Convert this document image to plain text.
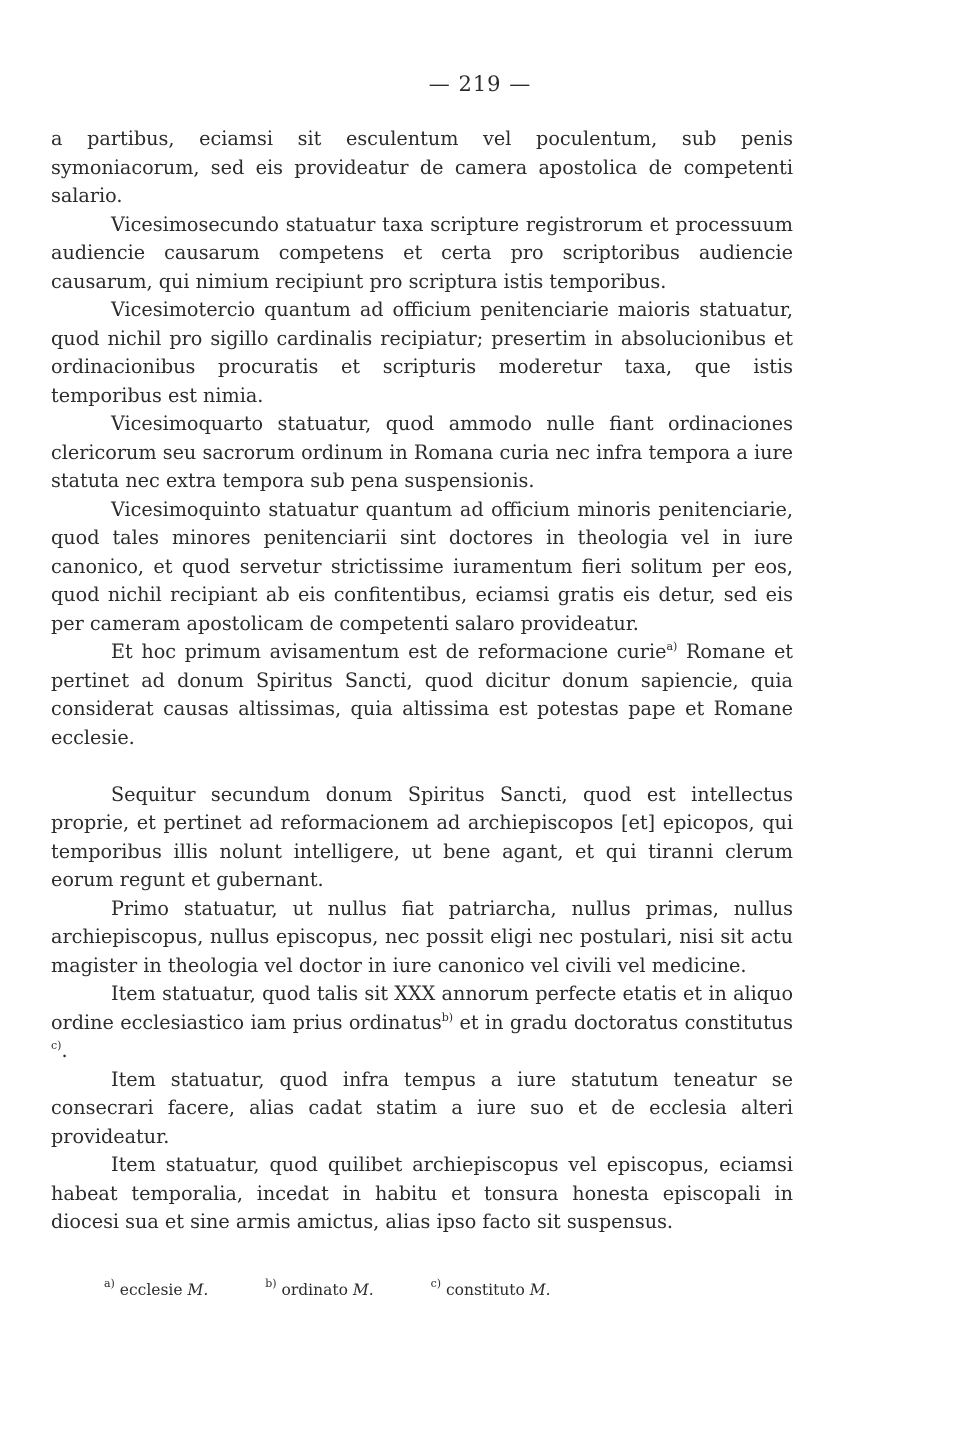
— 219 —

a partibus, eciamsi sit esculentum vel poculentum, sub penis symoniacorum, sed eis provideatur de camera apostolica de competenti salario.

Vicesimosecundo statuatur taxa scripture registrorum et processuum audiencie causarum competens et certa pro scriptoribus audiencie causarum, qui nimium recipiunt pro scriptura istis temporibus.

Vicesimotercio quantum ad officium penitenciarie maioris statuatur, quod nichil pro sigillo cardinalis recipiatur; presertim in absolucionibus et ordinacionibus procuratis et scripturis moderetur taxa, que istis temporibus est nimia.

Vicesimoquarto statuatur, quod ammodo nulle fiant ordinaciones clericorum seu sacrorum ordinum in Romana curia nec infra tempora a iure statuta nec extra tempora sub pena suspensionis.

Vicesimoquinto statuatur quantum ad officium minoris penitenciarie, quod tales minores penitenciarii sint doctores in theologia vel in iure canonico, et quod servetur strictissime iuramentum fieri solitum per eos, quod nichil recipiant ab eis confitentibus, eciamsi gratis eis detur, sed eis per cameram apostolicam de competenti salaro provideatur.

Et hoc primum avisamentum est de reformacione curie$^{a)}$ Romane et pertinet ad donum Spiritus Sancti, quod dicitur donum sapiencie, quia considerat causas altissimas, quia altissima est potestas pape et Romane ecclesie.

Sequitur secundum donum Spiritus Sancti, quod est intellectus proprie, et pertinet ad reformacionem ad archiepiscopos [et] epicopos, qui temporibus illis nolunt intelligere, ut bene agant, et qui tiranni clerum eorum regunt et gubernant.

Primo statuatur, ut nullus fiat patriarcha, nullus primas, nullus archiepiscopus, nullus episcopus, nec possit eligi nec postulari, nisi sit actu magister in theologia vel doctor in iure canonico vel civili vel medicine.

Item statuatur, quod talis sit XXX annorum perfecte etatis et in aliquo ordine ecclesiastico iam prius ordinatus$^{b)}$ et in gradu doctoratus constitutus $^{c)}$.

Item statuatur, quod infra tempus a iure statutum teneatur se consecrari facere, alias cadat statim a iure suo et de ecclesia alteri provideatur.

Item statuatur, quod quilibet archiepiscopus vel episcopus, eciamsi habeat temporalia, incedat in habitu et tonsura honesta episcopali in diocesi sua et sine armis amictus, alias ipso facto sit suspensus.

$^{a)}$ ecclesie M.	$^{b)}$ ordinato M.	$^{c)}$ constituto M.
